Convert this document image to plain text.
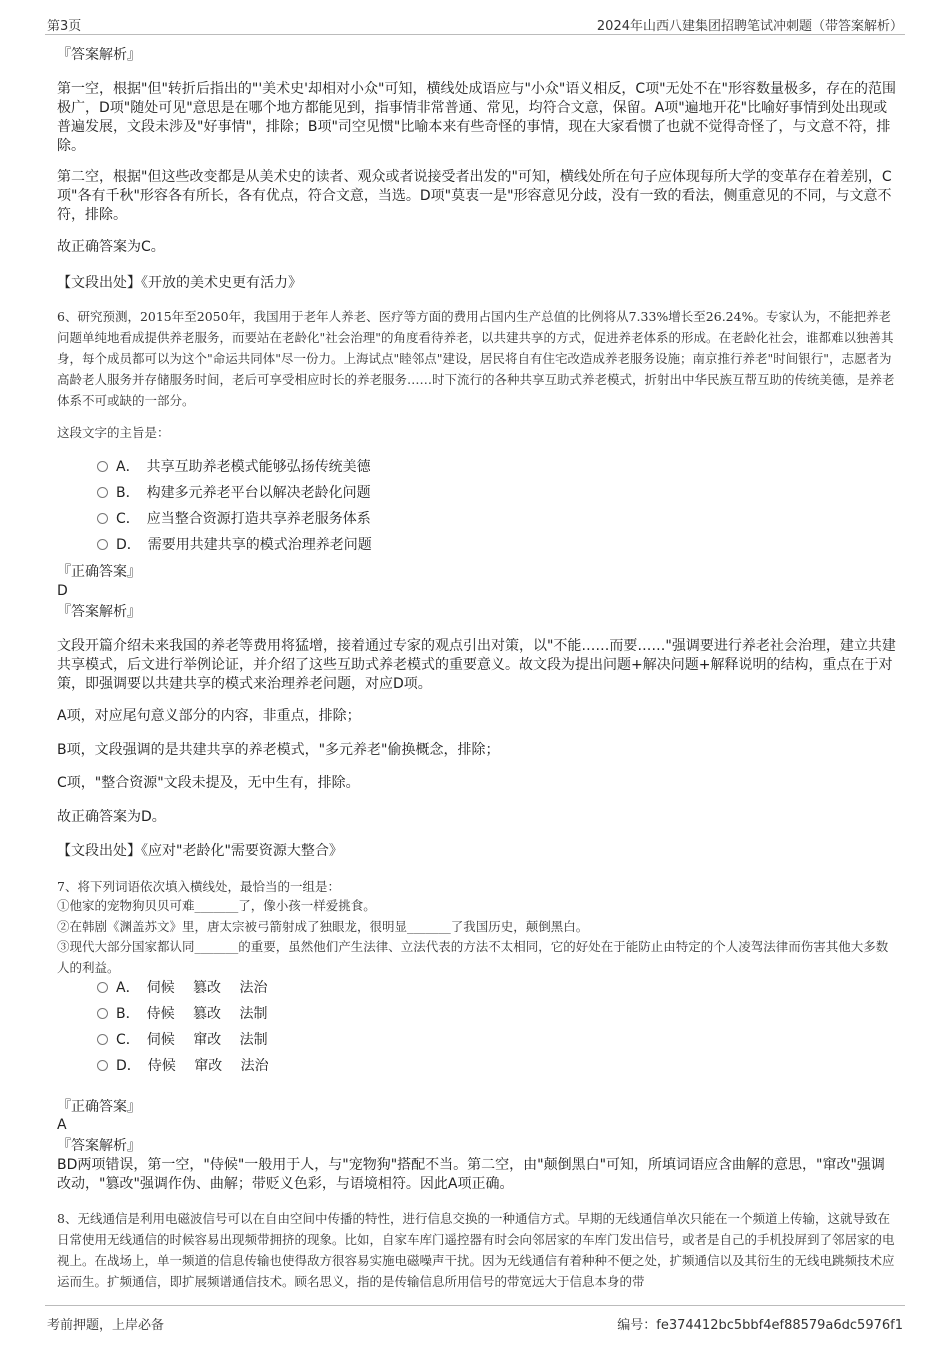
第3页	2024年山西八建集团招聘笔试冲刺题（带答案解析）
『答案解析』
第一空，根据"但"转折后指出的"'美术史'却相对小众"可知，横线处成语应与"小众"语义相反，C项"无处不在"形容数量极多，存在的范围极广，D项"随处可见"意思是在哪个地方都能见到，指事情非常普通、常见，均符合文意，保留。A项"遍地开花"比喻好事情到处出现或普遍发展，文段未涉及"好事情"，排除；B项"司空见惯"比喻本来有些奇怪的事情，现在大家看惯了也就不觉得奇怪了，与文意不符，排除。
第二空，根据"但这些改变都是从美术史的读者、观众或者说接受者出发的"可知，横线处所在句子应体现每所大学的变革存在着差别，C项"各有千秋"形容各有所长，各有优点，符合文意，当选。D项"莫衷一是"形容意见分歧，没有一致的看法，侧重意见的不同，与文意不符，排除。
故正确答案为C。
【文段出处】《开放的美术史更有活力》
6、研究预测，2015年至2050年，我国用于老年人养老、医疗等方面的费用占国内生产总值的比例将从7.33%增长至26.24%。专家认为，不能把养老问题单纯地看成提供养老服务，而要站在老龄化"社会治理"的角度看待养老，以共建共享的方式，促进养老体系的形成。在老龄化社会，谁都难以独善其身，每个成员都可以为这个"命运共同体"尽一份力。上海试点"睦邻点"建设，居民将自有住宅改造成养老服务设施；南京推行养老"时间银行"，志愿者为高龄老人服务并存储服务时间，老后可享受相应时长的养老服务……时下流行的各种共享互助式养老模式，折射出中华民族互帮互助的传统美德，是养老体系不可或缺的一部分。
这段文字的主旨是：
A．　共享互助养老模式能够弘扬传统美德
B．　构建多元养老平台以解决老龄化问题
C．　应当整合资源打造共享养老服务体系
D．　需要用共建共享的模式治理养老问题
『正确答案』
D
『答案解析』
文段开篇介绍未来我国的养老等费用将猛增，接着通过专家的观点引出对策，以"不能……而要……"强调要进行养老社会治理，建立共建共享模式，后文进行举例论证，并介绍了这些互助式养老模式的重要意义。故文段为提出问题+解决问题+解释说明的结构，重点在于对策，即强调要以共建共享的模式来治理养老问题，对应D项。
A项，对应尾句意义部分的内容，非重点，排除；
B项，文段强调的是共建共享的养老模式，"多元养老"偷换概念，排除；
C项，"整合资源"文段未提及，无中生有，排除。
故正确答案为D。
【文段出处】《应对"老龄化"需要资源大整合》
7、将下列词语依次填入横线处，最恰当的一组是：
①他家的宠物狗贝贝可难_______了，像小孩一样爱挑食。
②在韩剧《渊盖苏文》里，唐太宗被弓箭射成了独眼龙，很明显_______了我国历史，颠倒黑白。
③现代大部分国家都认同_______的重要，虽然他们产生法律、立法代表的方法不太相同，它的好处在于能防止由特定的个人凌驾法律而伤害其他大多数人的利益。
A．　伺候　 篡改　 法治
B．　侍候　 篡改　 法制
C．　伺候　 窜改　 法制
D．　侍候　 窜改　 法治
『正确答案』
A
『答案解析』
BD两项错误，第一空，"侍候"一般用于人，与"宠物狗"搭配不当。第二空，由"颠倒黑白"可知，所填词语应含曲解的意思，"窜改"强调改动，"篡改"强调作伪、曲解；带贬义色彩，与语境相符。因此A项正确。
8、无线通信是利用电磁波信号可以在自由空间中传播的特性，进行信息交换的一种通信方式。早期的无线通信单次只能在一个频道上传输，这就导致在日常使用无线通信的时候容易出现频带拥挤的现象。比如，自家车库门遥控器有时会向邻居家的车库门发出信号，或者是自己的手机投屏到了邻居家的电视上。在战场上，单一频道的信息传输也使得敌方很容易实施电磁噪声干扰。因为无线通信有着种种不便之处，扩频通信以及其衍生的无线电跳频技术应运而生。扩频通信，即扩展频谱通信技术。顾名思义，指的是传输信息所用信号的带宽远大于信息本身的带
考前押题，上岸必备	编号：fe374412bc5bbf4ef88579a6dc5976f1
